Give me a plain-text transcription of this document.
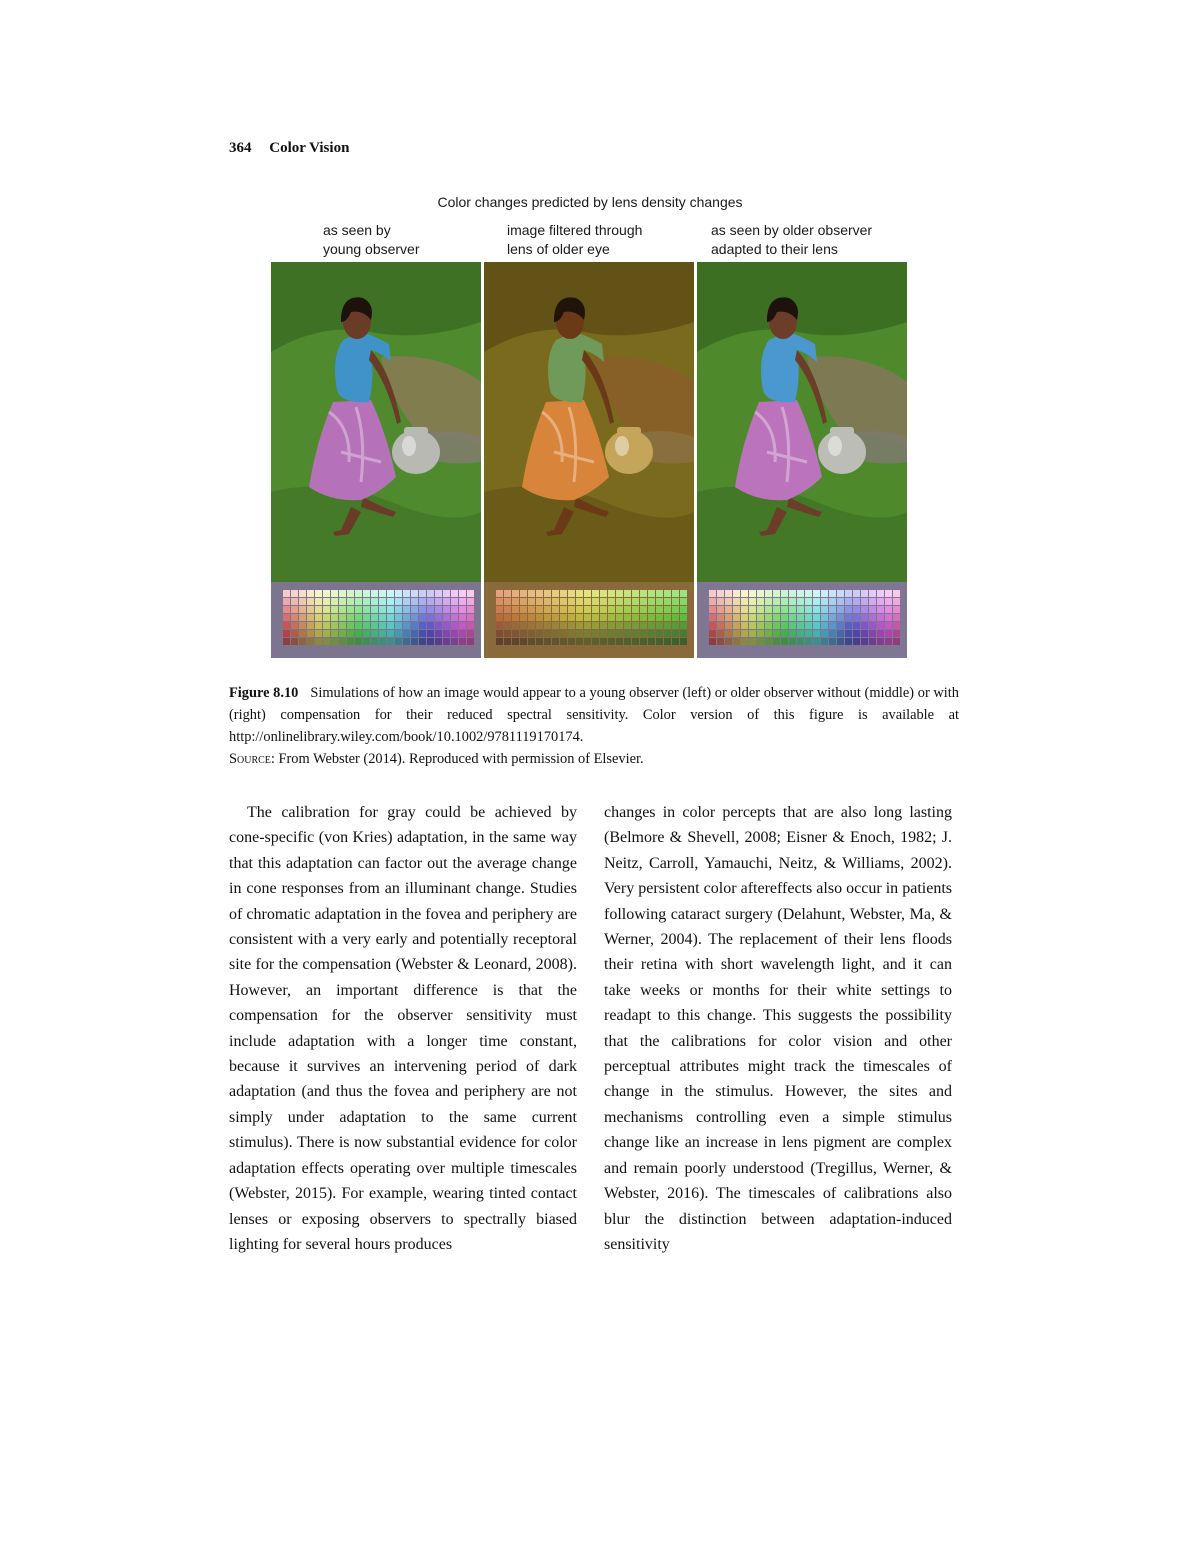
364 Color Vision
Color changes predicted by lens density changes
as seen by
young observer
image filtered through
lens of older eye
as seen by older observer
adapted to their lens
Figure 8.10 Simulations of how an image would appear to a young observer (left) or older observer without (middle) or with (right) compensation for their reduced spectral sensitivity. Color version of this figure is available at http://onlinelibrary.wiley.com/book/10.1002/9781119170174.
Source: From Webster (2014). Reproduced with permission of Elsevier.

The calibration for gray could be achieved by cone-specific (von Kries) adaptation, in the same way that this adaptation can factor out the average change in cone responses from an illuminant change. Studies of chromatic adaptation in the fovea and periphery are consistent with a very early and potentially receptoral site for the compensation (Webster & Leonard, 2008). However, an important difference is that the compensation for the observer sensitivity must include adaptation with a longer time constant, because it survives an intervening period of dark adaptation (and thus the fovea and periphery are not simply under adaptation to the same current stimulus). There is now substantial evidence for color adaptation effects operating over multiple timescales (Webster, 2015). For example, wearing tinted contact lenses or exposing observers to spectrally biased lighting for several hours produces

changes in color percepts that are also long lasting (Belmore & Shevell, 2008; Eisner & Enoch, 1982; J. Neitz, Carroll, Yamauchi, Neitz, & Williams, 2002). Very persistent color aftereffects also occur in patients following cataract surgery (Delahunt, Webster, Ma, & Werner, 2004). The replacement of their lens floods their retina with short wavelength light, and it can take weeks or months for their white settings to readapt to this change. This suggests the possibility that the calibrations for color vision and other perceptual attributes might track the timescales of change in the stimulus. However, the sites and mechanisms controlling even a simple stimulus change like an increase in lens pigment are complex and remain poorly understood (Tregillus, Werner, & Webster, 2016). The timescales of calibrations also blur the distinction between adaptation-induced sensitivity
